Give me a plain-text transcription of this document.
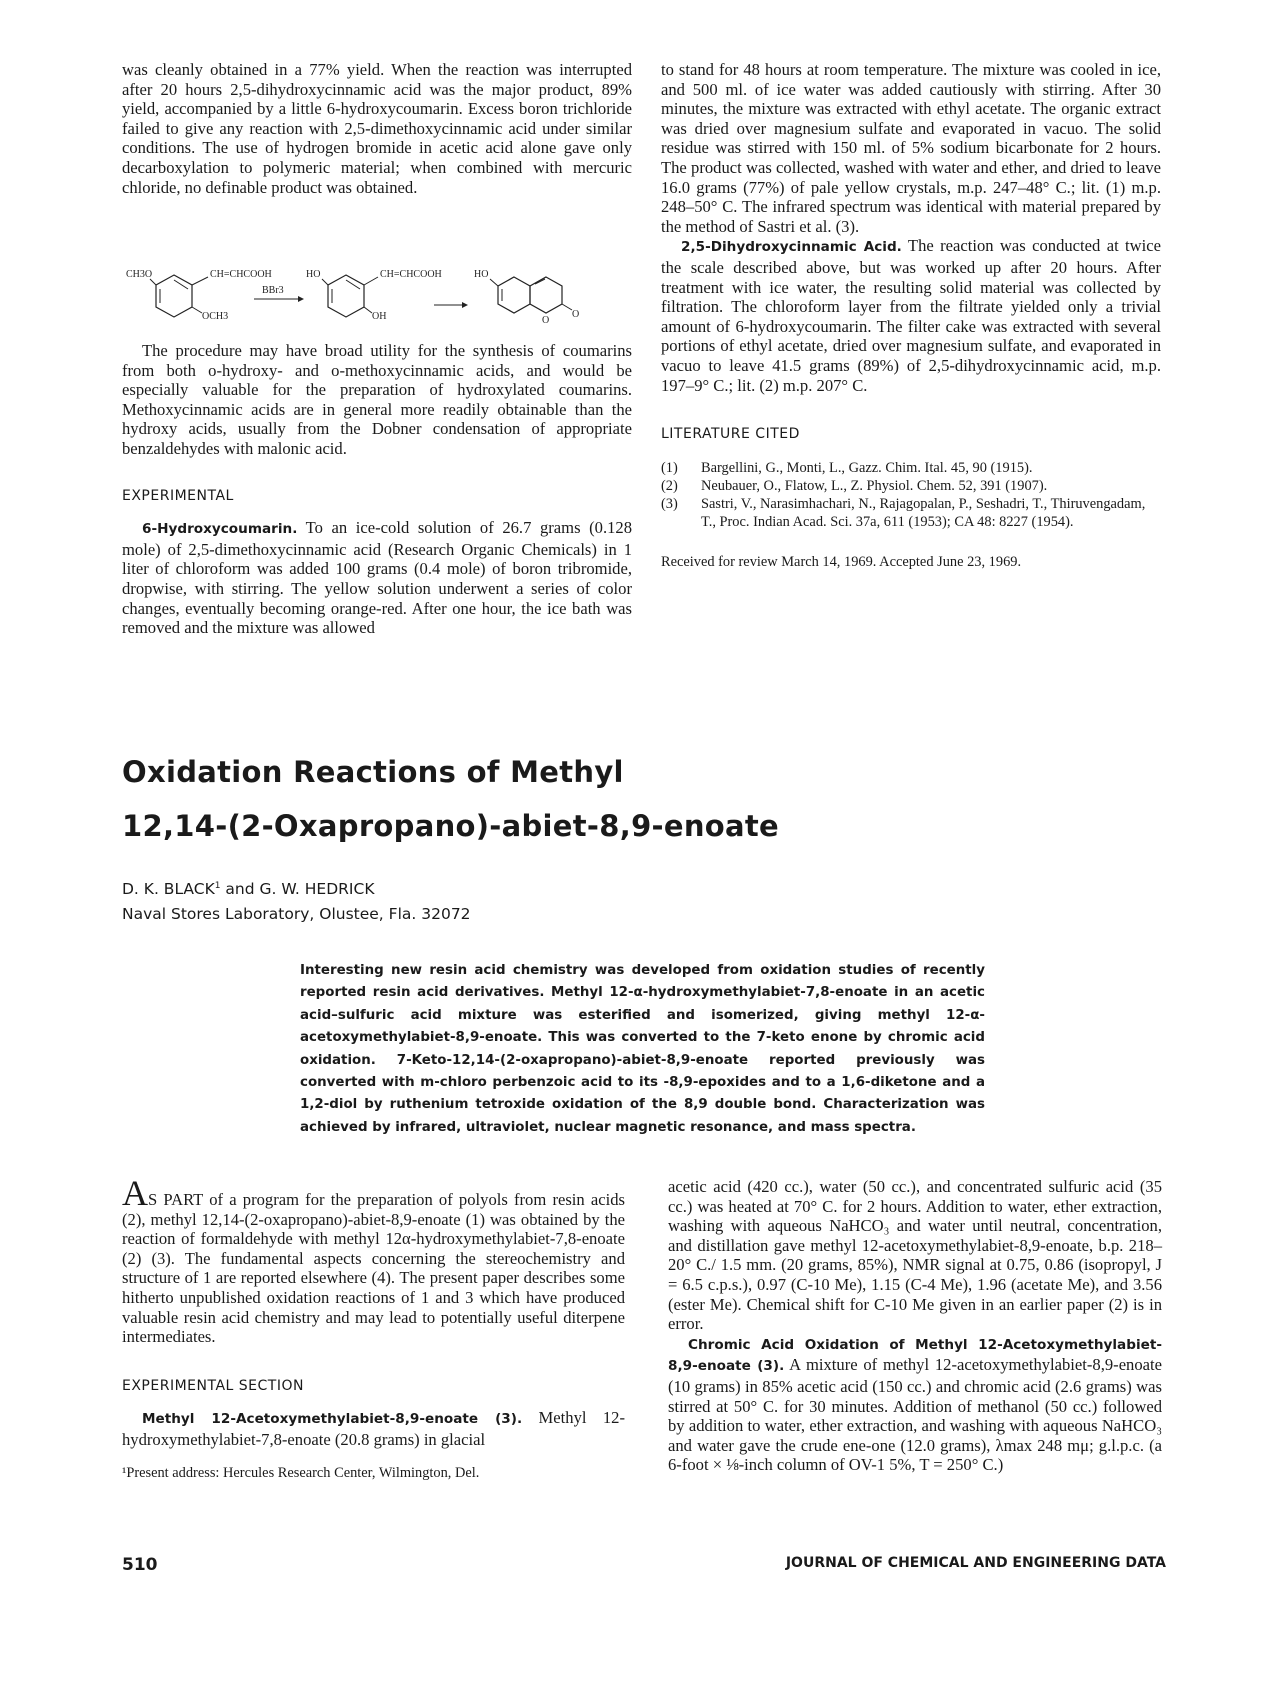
was cleanly obtained in a 77% yield. When the reaction was interrupted after 20 hours 2,5-dihydroxycinnamic acid was the major product, 89% yield, accompanied by a little 6-hydroxycoumarin. Excess boron trichloride failed to give any reaction with 2,5-dimethoxycinnamic acid under similar conditions. The use of hydrogen bromide in acetic acid alone gave only decarboxylation to polymeric material; when combined with mercuric chloride, no definable product was obtained.

CH3O	CH=CHCOOH
OCH3
BBr3
HO	CH=CHCOOH
OH
HO
O
O

The procedure may have broad utility for the synthesis of coumarins from both o-hydroxy- and o-methoxycinnamic acids, and would be especially valuable for the preparation of hydroxylated coumarins. Methoxycinnamic acids are in general more readily obtainable than the hydroxy acids, usually from the Dobner condensation of appropriate benzaldehydes with malonic acid.

EXPERIMENTAL

6-Hydroxycoumarin. To an ice-cold solution of 26.7 grams (0.128 mole) of 2,5-dimethoxycinnamic acid (Research Organic Chemicals) in 1 liter of chloroform was added 100 grams (0.4 mole) of boron tribromide, dropwise, with stirring. The yellow solution underwent a series of color changes, eventually becoming orange-red. After one hour, the ice bath was removed and the mixture was allowed

to stand for 48 hours at room temperature. The mixture was cooled in ice, and 500 ml. of ice water was added cautiously with stirring. After 30 minutes, the mixture was extracted with ethyl acetate. The organic extract was dried over magnesium sulfate and evaporated in vacuo. The solid residue was stirred with 150 ml. of 5% sodium bicarbonate for 2 hours. The product was collected, washed with water and ether, and dried to leave 16.0 grams (77%) of pale yellow crystals, m.p. 247–48° C.; lit. (1) m.p. 248–50° C. The infrared spectrum was identical with material prepared by the method of Sastri et al. (3).

2,5-Dihydroxycinnamic Acid. The reaction was conducted at twice the scale described above, but was worked up after 20 hours. After treatment with ice water, the resulting solid material was collected by filtration. The chloroform layer from the filtrate yielded only a trivial amount of 6-hydroxycoumarin. The filter cake was extracted with several portions of ethyl acetate, dried over magnesium sulfate, and evaporated in vacuo to leave 41.5 grams (89%) of 2,5-dihydroxycinnamic acid, m.p. 197–9° C.; lit. (2) m.p. 207° C.

LITERATURE CITED
(1)	Bargellini, G., Monti, L., Gazz. Chim. Ital. 45, 90 (1915).
(2)	Neubauer, O., Flatow, L., Z. Physiol. Chem. 52, 391 (1907).
(3)	Sastri, V., Narasimhachari, N., Rajagopalan, P., Seshadri, T., Thiruvengadam, T., Proc. Indian Acad. Sci. 37a, 611 (1953); CA 48: 8227 (1954).

Received for review March 14, 1969. Accepted June 23, 1969.

Oxidation Reactions of Methyl
12,14-(2-Oxapropano)-abiet-8,9-enoate
D. K. BLACK$^1$ and G. W. HEDRICK
Naval Stores Laboratory, Olustee, Fla. 32072
Interesting new resin acid chemistry was developed from oxidation studies of recently reported resin acid derivatives. Methyl 12-α-hydroxymethylabiet-7,8-enoate in an acetic acid–sulfuric acid mixture was esterified and isomerized, giving methyl 12-α-acetoxymethylabiet-8,9-enoate. This was converted to the 7-keto enone by chromic acid oxidation. 7-Keto-12,14-(2-oxapropano)-abiet-8,9-enoate reported previously was converted with m-chloro perbenzoic acid to its -8,9-epoxides and to a 1,6-diketone and a 1,2-diol by ruthenium tetroxide oxidation of the 8,9 double bond. Characterization was achieved by infrared, ultraviolet, nuclear magnetic resonance, and mass spectra.

AS PART of a program for the preparation of polyols from resin acids (2), methyl 12,14-(2-oxapropano)-abiet-8,9-enoate (1) was obtained by the reaction of formaldehyde with methyl 12α-hydroxymethylabiet-7,8-enoate (2) (3). The fundamental aspects concerning the stereochemistry and structure of 1 are reported elsewhere (4). The present paper describes some hitherto unpublished oxidation reactions of 1 and 3 which have produced valuable resin acid chemistry and may lead to potentially useful diterpene intermediates.

EXPERIMENTAL SECTION

Methyl 12-Acetoxymethylabiet-8,9-enoate (3). Methyl 12-hydroxymethylabiet-7,8-enoate (20.8 grams) in glacial

¹Present address: Hercules Research Center, Wilmington, Del.

acetic acid (420 cc.), water (50 cc.), and concentrated sulfuric acid (35 cc.) was heated at 70° C. for 2 hours. Addition to water, ether extraction, washing with aqueous NaHCO₃ and water until neutral, concentration, and distillation gave methyl 12-acetoxymethylabiet-8,9-enoate, b.p. 218–20° C./ 1.5 mm. (20 grams, 85%), NMR signal at 0.75, 0.86 (isopropyl, J = 6.5 c.p.s.), 0.97 (C-10 Me), 1.15 (C-4 Me), 1.96 (acetate Me), and 3.56 (ester Me). Chemical shift for C-10 Me given in an earlier paper (2) is in error.

Chromic Acid Oxidation of Methyl 12-Acetoxymethylabiet-8,9-enoate (3). A mixture of methyl 12-acetoxymethylabiet-8,9-enoate (10 grams) in 85% acetic acid (150 cc.) and chromic acid (2.6 grams) was stirred at 50° C. for 30 minutes. Addition of methanol (50 cc.) followed by addition to water, ether extraction, and washing with aqueous NaHCO₃ and water gave the crude ene-one (12.0 grams), λmax 248 mμ; g.l.p.c. (a 6-foot × ⅛-inch column of OV-1 5%, T = 250° C.)

510	JOURNAL OF CHEMICAL AND ENGINEERING DATA
